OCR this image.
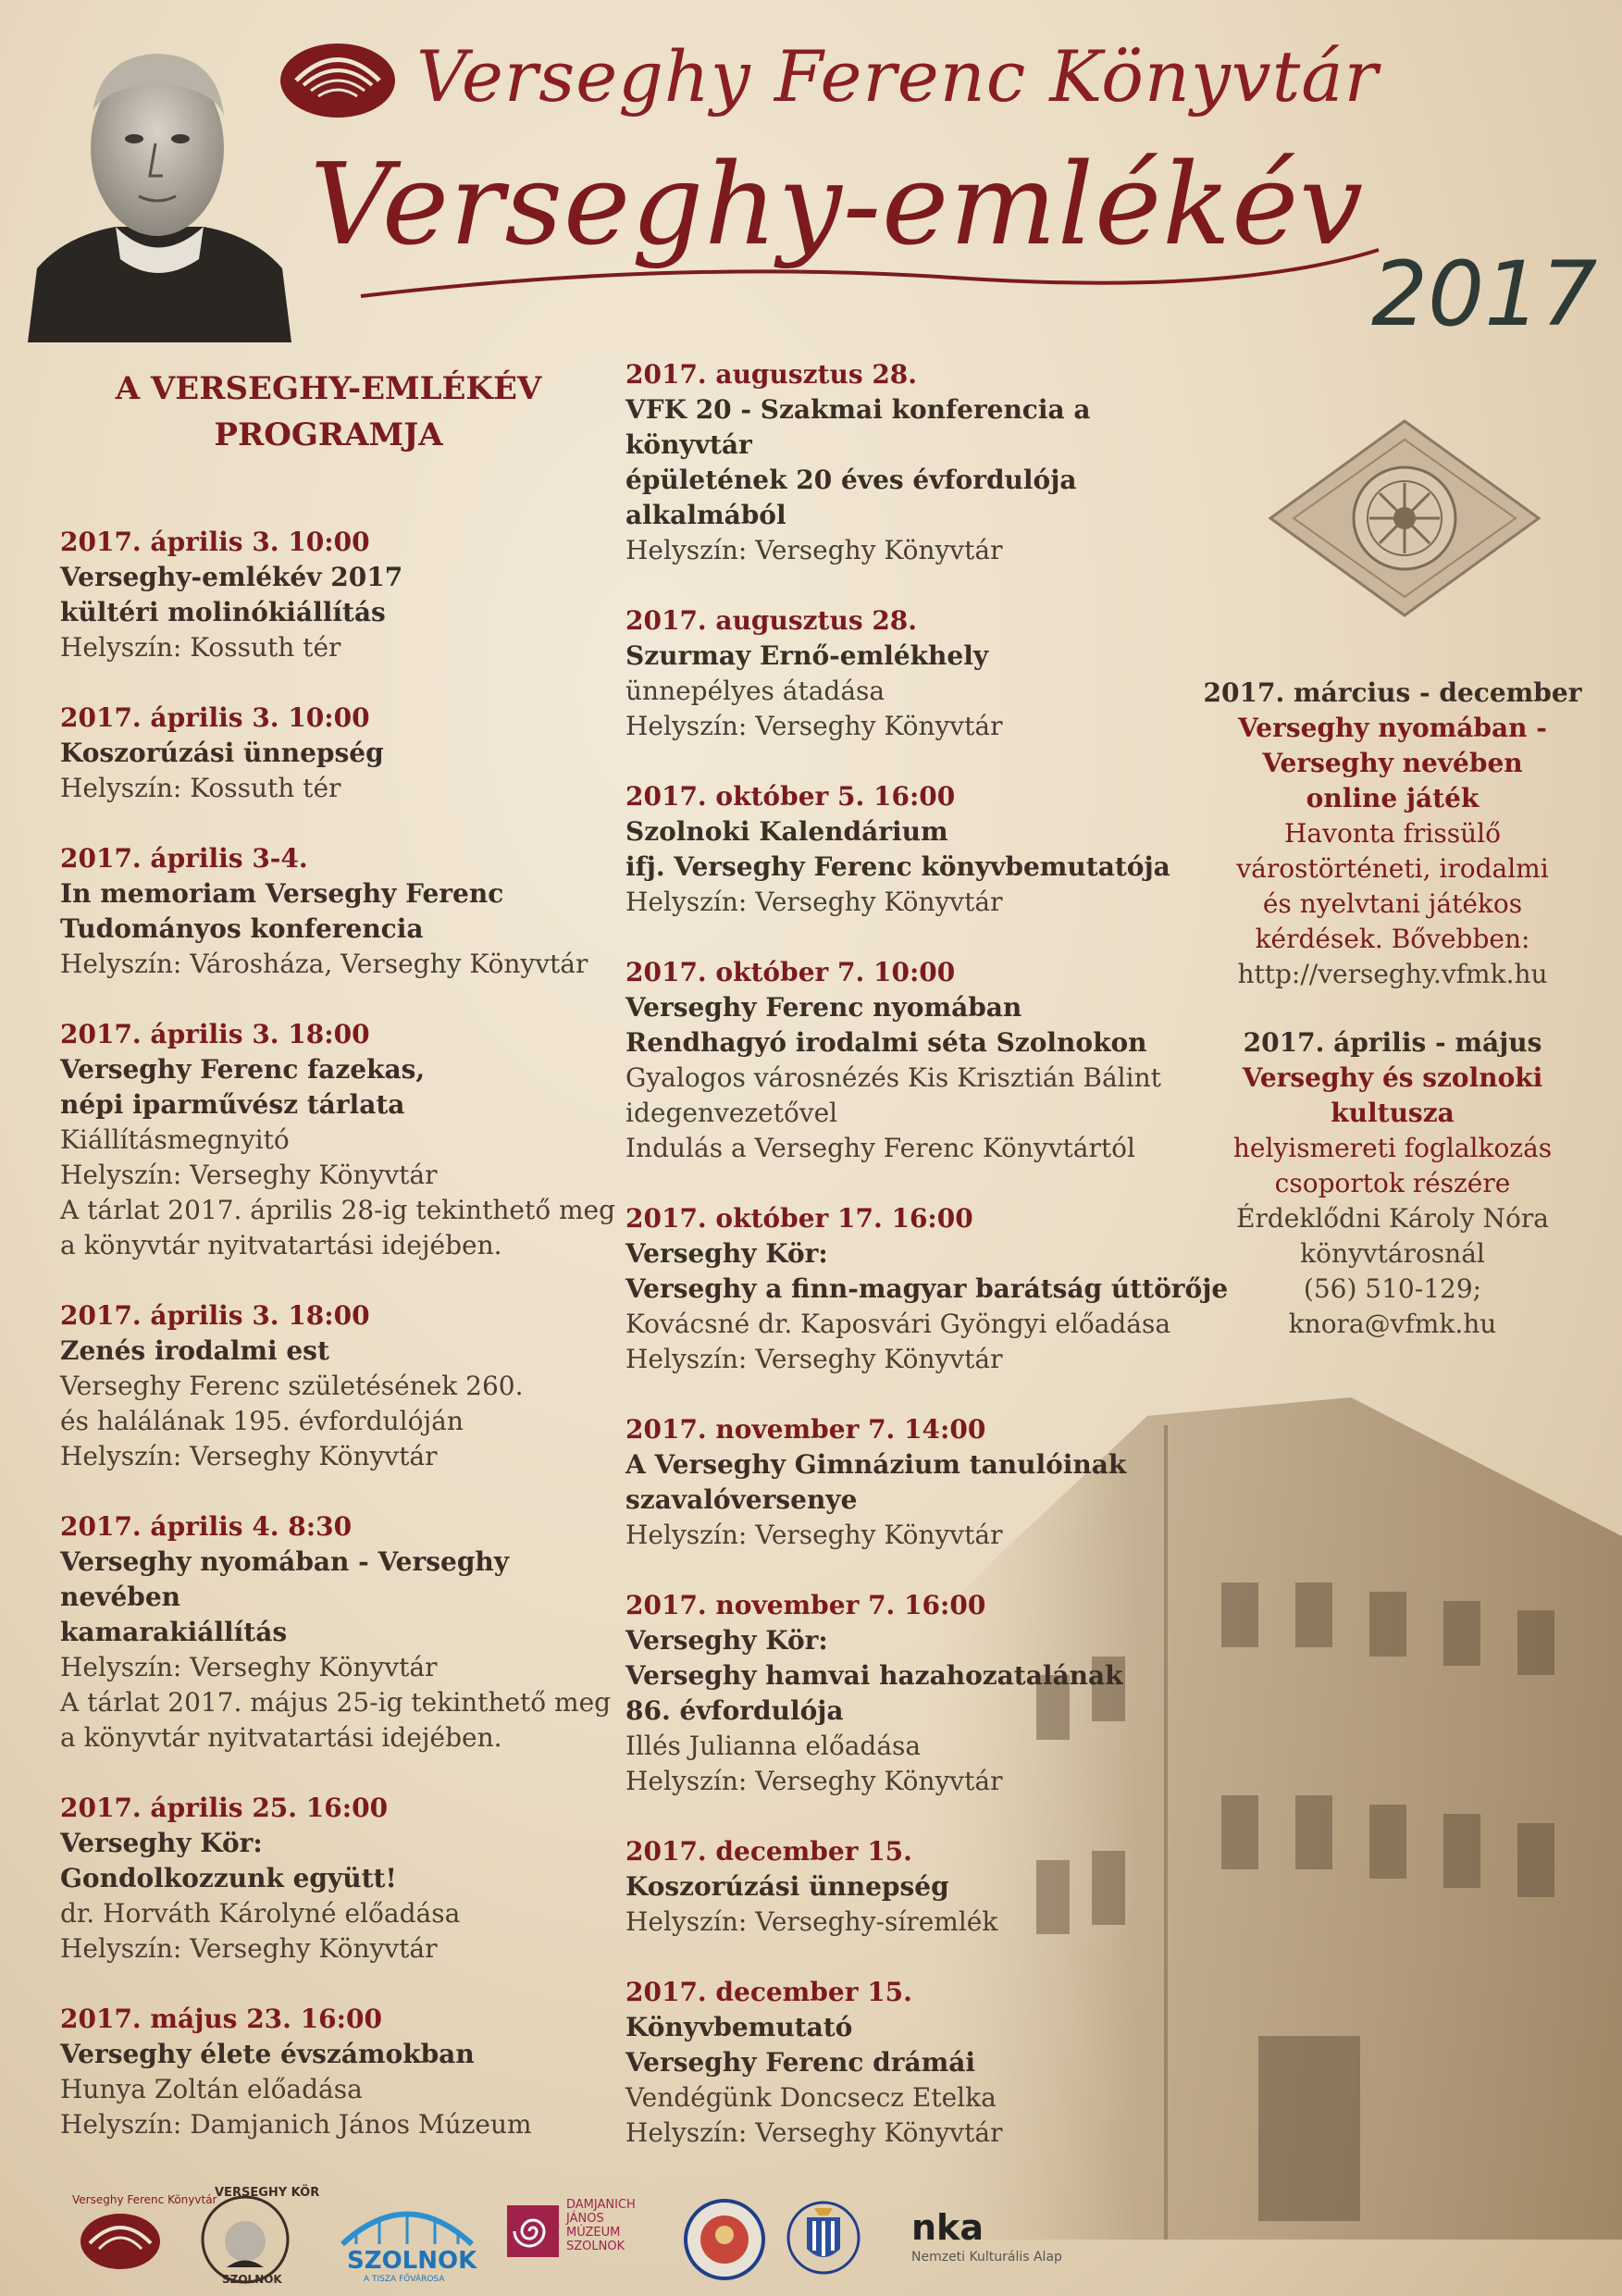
Verseghy Ferenc Könyvtár
Verseghy-emlékév
2017
A VERSEGHY-EMLÉKÉV
PROGRAMJA
2017. április 3. 10:00
Verseghy-emlékév 2017
kültéri molinókiállítás
Helyszín: Kossuth tér
2017. április 3. 10:00
Koszorúzási ünnepség
Helyszín: Kossuth tér
2017. április 3-4.
In memoriam Verseghy Ferenc
Tudományos konferencia
Helyszín: Városháza, Verseghy Könyvtár
2017. április 3. 18:00
Verseghy Ferenc fazekas,
népi iparművész tárlata
Kiállításmegnyitó
Helyszín: Verseghy Könyvtár
A tárlat 2017. április 28-ig tekinthető meg
a könyvtár nyitvatartási idejében.
2017. április 3. 18:00
Zenés irodalmi est
Verseghy Ferenc születésének 260.
és halálának 195. évfordulóján
Helyszín: Verseghy Könyvtár
2017. április 4. 8:30
Verseghy nyomában - Verseghy
nevében
kamarakiállítás
Helyszín: Verseghy Könyvtár
A tárlat 2017. május 25-ig tekinthető meg
a könyvtár nyitvatartási idejében.
2017. április 25. 16:00
Verseghy Kör:
Gondolkozzunk együtt!
dr. Horváth Károlyné előadása
Helyszín: Verseghy Könyvtár
2017. május 23. 16:00
Verseghy élete évszámokban
Hunya Zoltán előadása
Helyszín: Damjanich János Múzeum
2017. augusztus 28.
VFK 20 - Szakmai konferencia a
könyvtár
épületének 20 éves évfordulója
alkalmából
Helyszín: Verseghy Könyvtár
2017. augusztus 28.
Szurmay Ernő-emlékhely
ünnepélyes átadása
Helyszín: Verseghy Könyvtár
2017. október 5. 16:00
Szolnoki Kalendárium
ifj. Verseghy Ferenc könyvbemutatója
Helyszín: Verseghy Könyvtár
2017. október 7. 10:00
Verseghy Ferenc nyomában
Rendhagyó irodalmi séta Szolnokon
Gyalogos városnézés Kis Krisztián Bálint
idegenvezetővel
Indulás a Verseghy Ferenc Könyvtártól
2017. október 17. 16:00
Verseghy Kör:
Verseghy a finn-magyar barátság úttörője
Kovácsné dr. Kaposvári Gyöngyi előadása
Helyszín: Verseghy Könyvtár
2017. november 7. 14:00
A Verseghy Gimnázium tanulóinak
szavalóversenye
Helyszín: Verseghy Könyvtár
2017. november 7. 16:00
Verseghy Kör:
Verseghy hamvai hazahozatalának
86. évfordulója
Illés Julianna előadása
Helyszín: Verseghy Könyvtár
2017. december 15.
Koszorúzási ünnepség
Helyszín: Verseghy-síremlék
2017. december 15.
Könyvbemutató
Verseghy Ferenc drámái
Vendégünk Doncsecz Etelka
Helyszín: Verseghy Könyvtár
2017. március - december
Verseghy nyomában -
Verseghy nevében
online játék
Havonta frissülő
várostörténeti, irodalmi
és nyelvtani játékos
kérdések. Bővebben:
http://verseghy.vfmk.hu
2017. április - május
Verseghy és szolnoki
kultusza
helyismereti foglalkozás
csoportok részére
Érdeklődni Károly Nóra
könyvtárosnál
(56) 510-129;
knora@vfmk.hu
Verseghy Ferenc Könyvtár
VERSEGHY KÖR
SZOLNOK
SZOLNOK
A TISZA FŐVÁROSA
DAMJANICH
JÁNOS
MÚZEUM
SZOLNOK	nka
Nemzeti Kulturális Alap
